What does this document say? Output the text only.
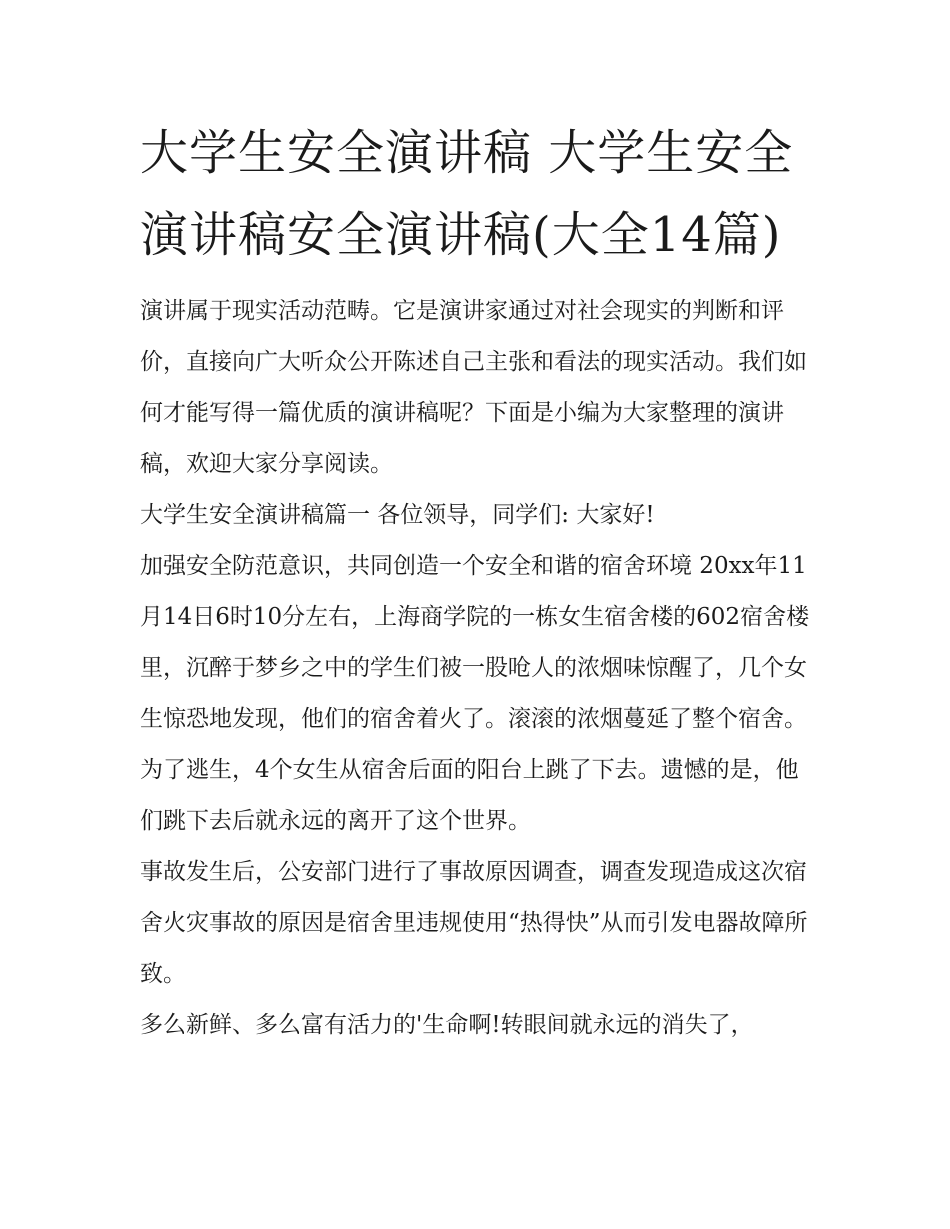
大学生安全演讲稿 大学生安全演讲稿安全演讲稿(大全14篇)

演讲属于现实活动范畴。它是演讲家通过对社会现实的判断和评价，直接向广大听众公开陈述自己主张和看法的现实活动。我们如何才能写得一篇优质的演讲稿呢？下面是小编为大家整理的演讲稿，欢迎大家分享阅读。

大学生安全演讲稿篇一 各位领导，同学们: 大家好!

加强安全防范意识，共同创造一个安全和谐的宿舍环境 20xx年11月14日6时10分左右，上海商学院的一栋女生宿舍楼的602宿舍楼里，沉醉于梦乡之中的学生们被一股呛人的浓烟味惊醒了，几个女生惊恐地发现，他们的宿舍着火了。滚滚的浓烟蔓延了整个宿舍。为了逃生，4个女生从宿舍后面的阳台上跳了下去。遗憾的是，他们跳下去后就永远的离开了这个世界。

事故发生后，公安部门进行了事故原因调查，调查发现造成这次宿舍火灾事故的原因是宿舍里违规使用“热得快”从而引发电器故障所致。

多么新鲜、多么富有活力的'生命啊!转眼间就永远的消失了，
